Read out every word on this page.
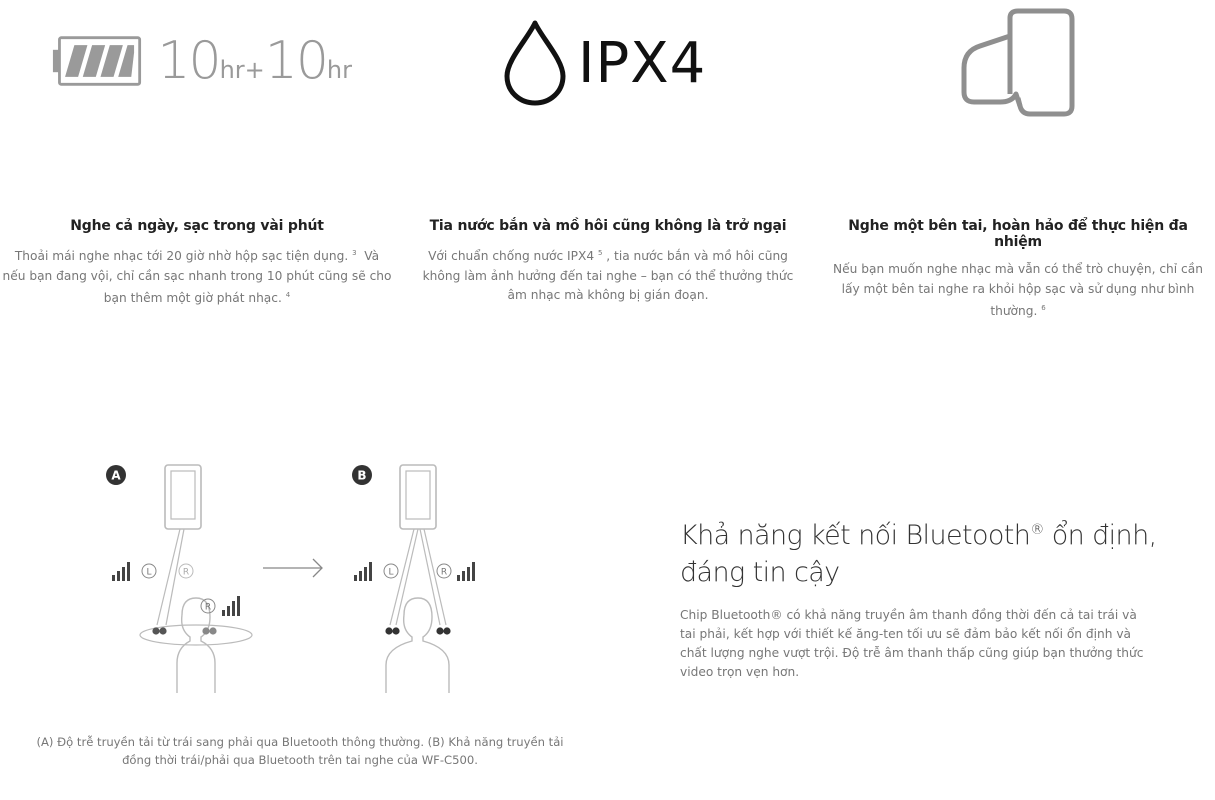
10hr+10hr	IPX4
Nghe cả ngày, sạc trong vài phút
Thoải mái nghe nhạc tới 20 giờ nhờ hộp sạc tiện dụng. $^3$ Và nếu bạn đang vội, chỉ cần sạc nhanh trong 10 phút cũng sẽ cho bạn thêm một giờ phát nhạc. $^4$
Tia nước bắn và mồ hôi cũng không là trở ngại
Với chuẩn chống nước IPX4 $^5$ , tia nước bắn và mồ hôi cũng không làm ảnh hưởng đến tai nghe – bạn có thể thưởng thức âm nhạc mà không bị gián đoạn.
Nghe một bên tai, hoàn hảo để thực hiện đa nhiệm
Nếu bạn muốn nghe nhạc mà vẫn có thể trò chuyện, chỉ cần lấy một bên tai nghe ra khỏi hộp sạc và sử dụng như bình thường. $^6$
A
L	R
R
B
L	R
(A) Độ trễ truyền tải từ trái sang phải qua Bluetooth thông thường. (B) Khả năng truyền tải đồng thời trái/phải qua Bluetooth trên tai nghe của WF-C500.
Khả năng kết nối Bluetooth® ổn định, đáng tin cậy
Chip Bluetooth® có khả năng truyền âm thanh đồng thời đến cả tai trái và tai phải, kết hợp với thiết kế ăng-ten tối ưu sẽ đảm bảo kết nối ổn định và chất lượng nghe vượt trội. Độ trễ âm thanh thấp cũng giúp bạn thưởng thức video trọn vẹn hơn.
